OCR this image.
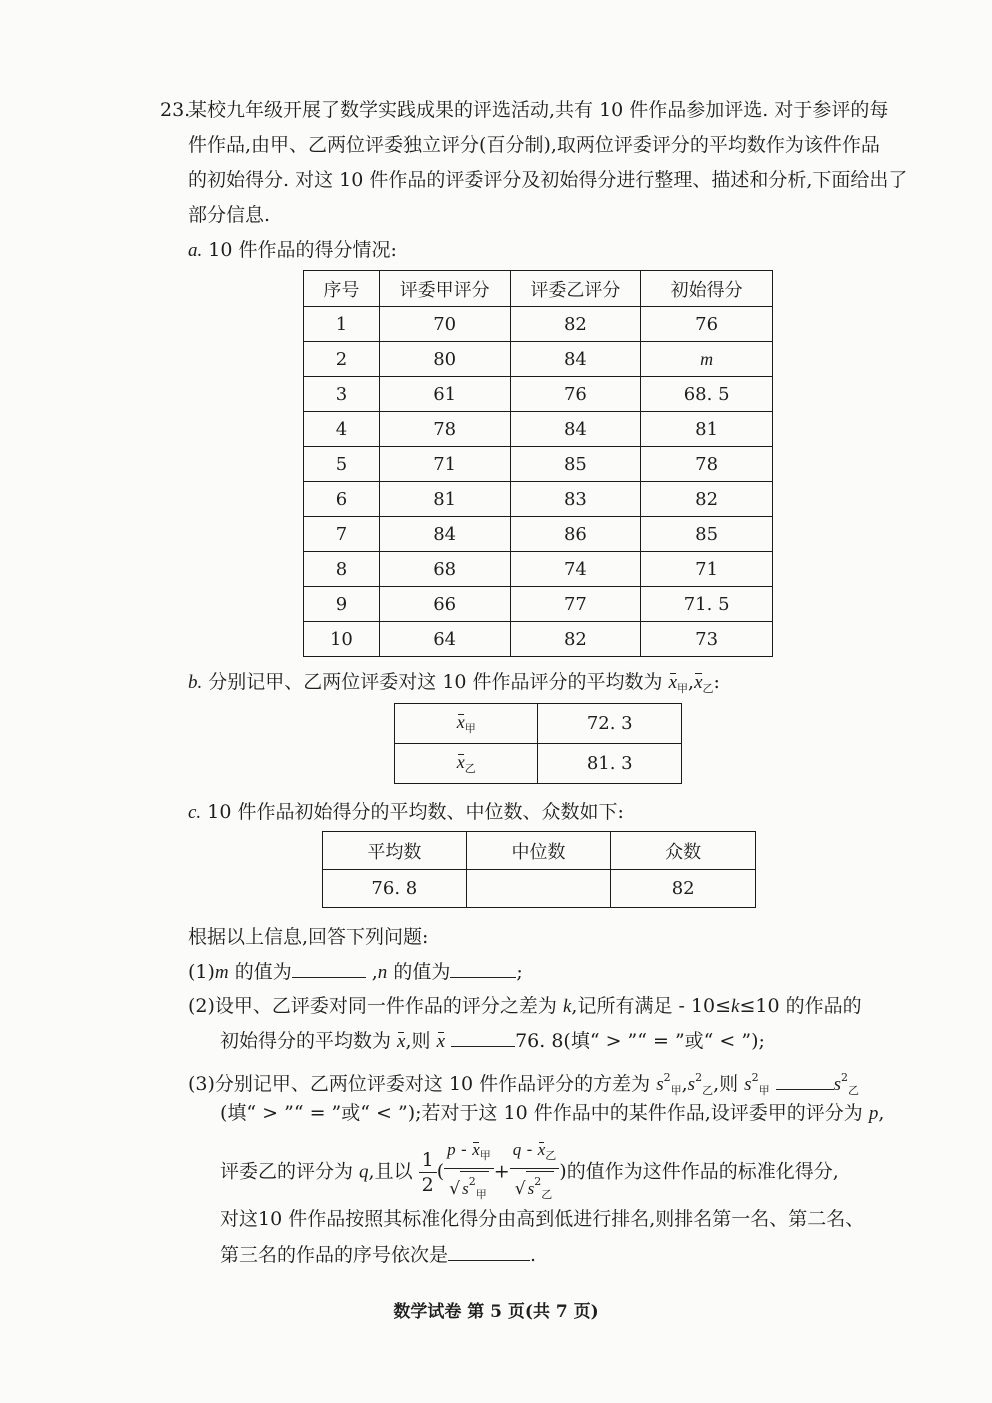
23.
某校九年级开展了数学实践成果的评选活动,共有 10 件作品参加评选. 对于参评的每
件作品,由甲、乙两位评委独立评分(百分制),取两位评委评分的平均数作为该件作品
的初始得分. 对这 10 件作品的评委评分及初始得分进行整理、描述和分析,下面给出了
部分信息.
a. 10 件作品的得分情况:
序号	评委甲评分	评委乙评分	初始得分
1	70	82	76
2	80	84	m
3	61	76	68. 5
4	78	84	81
5	71	85	78
6	81	83	82
7	84	86	85
8	68	74	71
9	66	77	71. 5
10	64	82	73
b. 分别记甲、乙两位评委对这 10 件作品评分的平均数为 $x_甲,x_乙$:
$x_甲$	72. 3
$x_乙$	81. 3
c. 10 件作品初始得分的平均数、中位数、众数如下:
平均数	中位数	众数
76. 8		82
根据以上信息,回答下列问题:
(1)m 的值为	,n 的值为	;
(2)设甲、乙评委对同一件作品的评分之差为 k,记所有满足 - 10≤k≤10 的作品的
初始得分的平均数为 x,则 x	76. 8(填“ > ”“ = ”或“ < ”);
(3)分别记甲、乙两位评委对这 10 件作品评分的方差为 $s^2_甲,s^2_乙$,则 $s^2_甲$	$s^2_乙$
(填“ > ”“ = ”或“ < ”);若对于这 10 件作品中的某件作品,设评委甲的评分为 p,
评委乙的评分为 q,且以 $\frac{1}{2}$ ( $\frac{p - x_甲}{√ s^2_甲} + \frac{q - x_乙}{√ s^2_乙}$ )的值作为这件作品的标准化得分,
对这10 件作品按照其标准化得分由高到低进行排名,则排名第一名、第二名、
第三名的作品的序号依次是	.
数学试卷 第 5 页(共 7 页)
